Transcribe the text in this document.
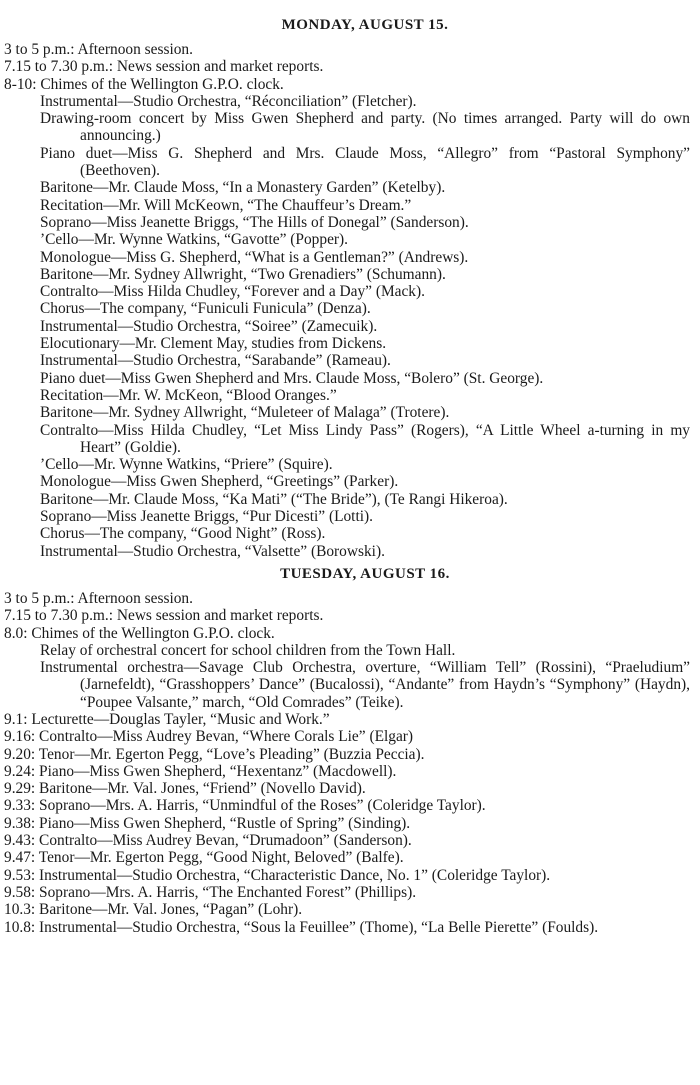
MONDAY, AUGUST 15.
3 to 5 p.m.: Afternoon session.
7.15 to 7.30 p.m.: News session and market reports.
8-10: Chimes of the Wellington G.P.O. clock.
Instrumental—Studio Orchestra, “Réconciliation” (Fletcher).
Drawing-room concert by Miss Gwen Shepherd and party. (No times arranged. Party will do own announcing.)
Piano duet—Miss G. Shepherd and Mrs. Claude Moss, “Allegro” from “Pastoral Symphony” (Beethoven).
Baritone—Mr. Claude Moss, “In a Monastery Garden” (Ketelby).
Recitation—Mr. Will McKeown, “The Chauffeur’s Dream.”
Soprano—Miss Jeanette Briggs, “The Hills of Donegal” (Sanderson).
’Cello—Mr. Wynne Watkins, “Gavotte” (Popper).
Monologue—Miss G. Shepherd, “What is a Gentleman?” (Andrews).
Baritone—Mr. Sydney Allwright, “Two Grenadiers” (Schumann).
Contralto—Miss Hilda Chudley, “Forever and a Day” (Mack).
Chorus—The company, “Funiculi Funicula” (Denza).
Instrumental—Studio Orchestra, “Soiree” (Zamecuik).
Elocutionary—Mr. Clement May, studies from Dickens.
Instrumental—Studio Orchestra, “Sarabande” (Rameau).
Piano duet—Miss Gwen Shepherd and Mrs. Claude Moss, “Bolero” (St. George).
Recitation—Mr. W. McKeon, “Blood Oranges.”
Baritone—Mr. Sydney Allwright, “Muleteer of Malaga” (Trotere).
Contralto—Miss Hilda Chudley, “Let Miss Lindy Pass” (Rogers), “A Little Wheel a-turning in my Heart” (Goldie).
’Cello—Mr. Wynne Watkins, “Priere” (Squire).
Monologue—Miss Gwen Shepherd, “Greetings” (Parker).
Baritone—Mr. Claude Moss, “Ka Mati” (“The Bride”), (Te Rangi Hikeroa).
Soprano—Miss Jeanette Briggs, “Pur Dicesti” (Lotti).
Chorus—The company, “Good Night” (Ross).
Instrumental—Studio Orchestra, “Valsette” (Borowski).
TUESDAY, AUGUST 16.
3 to 5 p.m.: Afternoon session.
7.15 to 7.30 p.m.: News session and market reports.
8.0: Chimes of the Wellington G.P.O. clock.
Relay of orchestral concert for school children from the Town Hall.
Instrumental orchestra—Savage Club Orchestra, overture, “William Tell” (Rossini), “Praeludium” (Jarnefeldt), “Grasshoppers’ Dance” (Bucalossi), “Andante” from Haydn’s “Symphony” (Haydn), “Poupee Valsante,” march, “Old Comrades” (Teike).
9.1: Lecturette—Douglas Tayler, “Music and Work.”
9.16: Contralto—Miss Audrey Bevan, “Where Corals Lie” (Elgar)
9.20: Tenor—Mr. Egerton Pegg, “Love’s Pleading” (Buzzia Peccia).
9.24: Piano—Miss Gwen Shepherd, “Hexentanz” (Macdowell).
9.29: Baritone—Mr. Val. Jones, “Friend” (Novello David).
9.33: Soprano—Mrs. A. Harris, “Unmindful of the Roses” (Coleridge Taylor).
9.38: Piano—Miss Gwen Shepherd, “Rustle of Spring” (Sinding).
9.43: Contralto—Miss Audrey Bevan, “Drumadoon” (Sanderson).
9.47: Tenor—Mr. Egerton Pegg, “Good Night, Beloved” (Balfe).
9.53: Instrumental—Studio Orchestra, “Characteristic Dance, No. 1” (Coleridge Taylor).
9.58: Soprano—Mrs. A. Harris, “The Enchanted Forest” (Phillips).
10.3: Baritone—Mr. Val. Jones, “Pagan” (Lohr).
10.8: Instrumental—Studio Orchestra, “Sous la Feuillee” (Thome), “La Belle Pierette” (Foulds).
